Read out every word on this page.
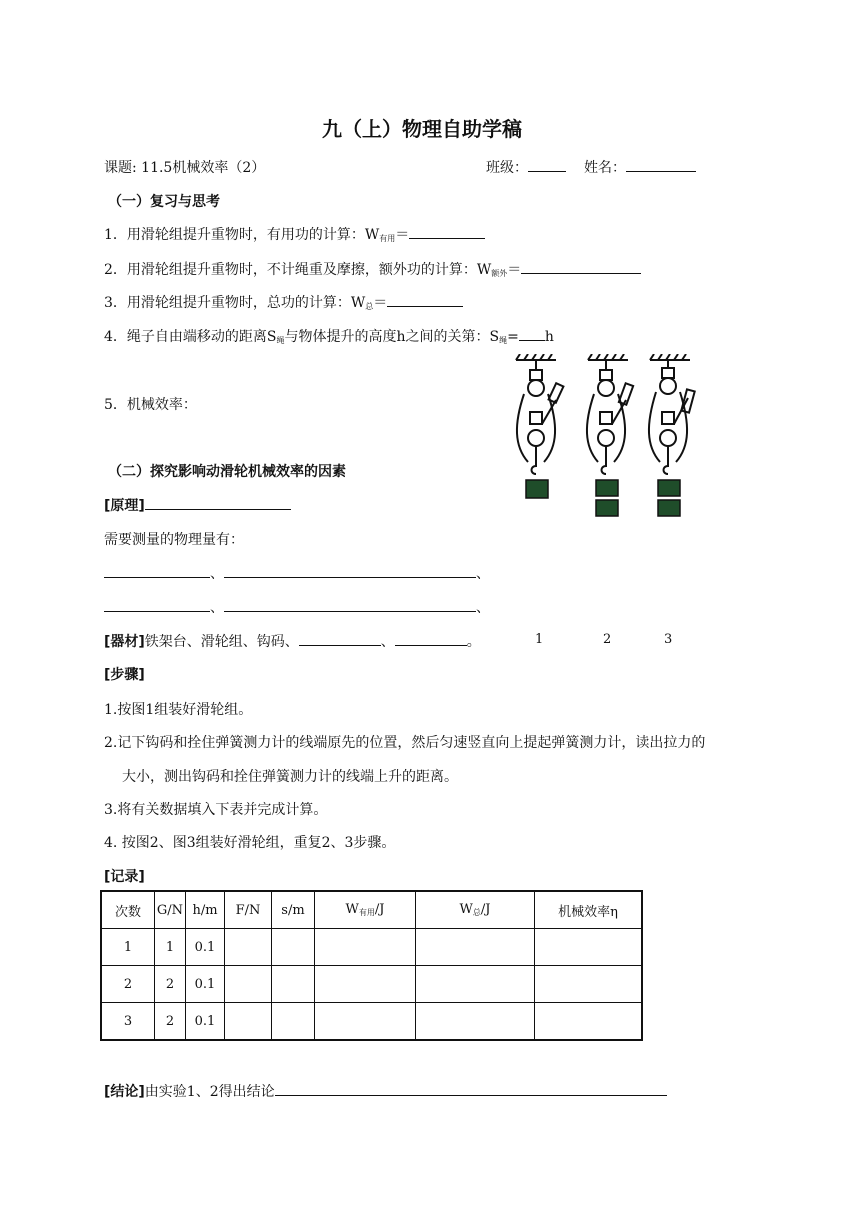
九（上）物理自助学稿
课题: 11.5机械效率（2）	班级：	姓名：
（一）复习与思考
1．用滑轮组提升重物时，有用功的计算：$W_{有用}=$
2．用滑轮组提升重物时，不计绳重及摩擦，额外功的计算：$W_{额外}=$
3．用滑轮组提升重物时，总功的计算：$W_总=$
4．绳子自由端移动的距离$S_绳$与物体提升的高度h之间的关第：$S_绳= h$
5．机械效率：
（二）探究影响动滑轮机械效率的因素
[原理]
需要测量的物理量有：
、	、
、	、
[器材]铁架台、滑轮组、钩码、	、	。	1	2	3
[步骤]
1.按图1组装好滑轮组。
2.记下钩码和拴住弹簧测力计的线端原先的位置，然后匀速竖直向上提起弹簧测力计，读出拉力的
大小，测出钩码和拴住弹簧测力计的线端上升的距离。
3.将有关数据填入下表并完成计算。
4. 按图2、图3组装好滑轮组，重复2、3步骤。
[记录]
次数	G/N	h/m	F/N	s/m	$W_{有用}/J$	$W_总/J$	机械效率η
1	1	0.1					
2	2	0.1					
3	2	0.1					
[结论]由实验1、2得出结论
